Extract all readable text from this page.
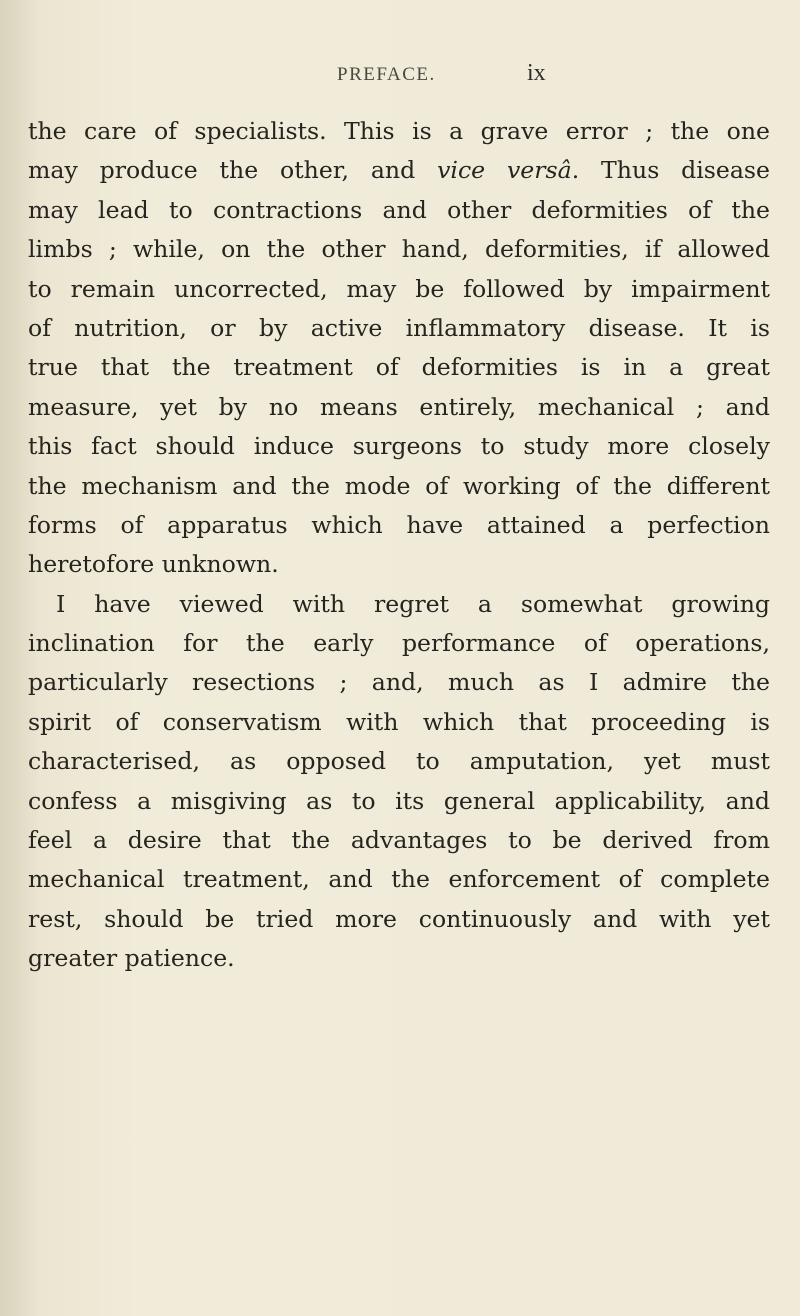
PREFACE.	ix
the care of specialists. This is a grave error ; the one
may produce the other, and vice versâ. Thus disease
may lead to contractions and other deformities of the
limbs ; while, on the other hand, deformities, if allowed
to remain uncorrected, may be followed by impairment
of nutrition, or by active inflammatory disease. It is
true that the treatment of deformities is in a great
measure, yet by no means entirely, mechanical ; and
this fact should induce surgeons to study more closely
the mechanism and the mode of working of the different
forms of apparatus which have attained a perfection
heretofore unknown.
I have viewed with regret a somewhat growing
inclination for the early performance of operations,
particularly resections ; and, much as I admire the
spirit of conservatism with which that proceeding is
characterised, as opposed to amputation, yet must
confess a misgiving as to its general applicability, and
feel a desire that the advantages to be derived from
mechanical treatment, and the enforcement of complete
rest, should be tried more continuously and with yet
greater patience.
